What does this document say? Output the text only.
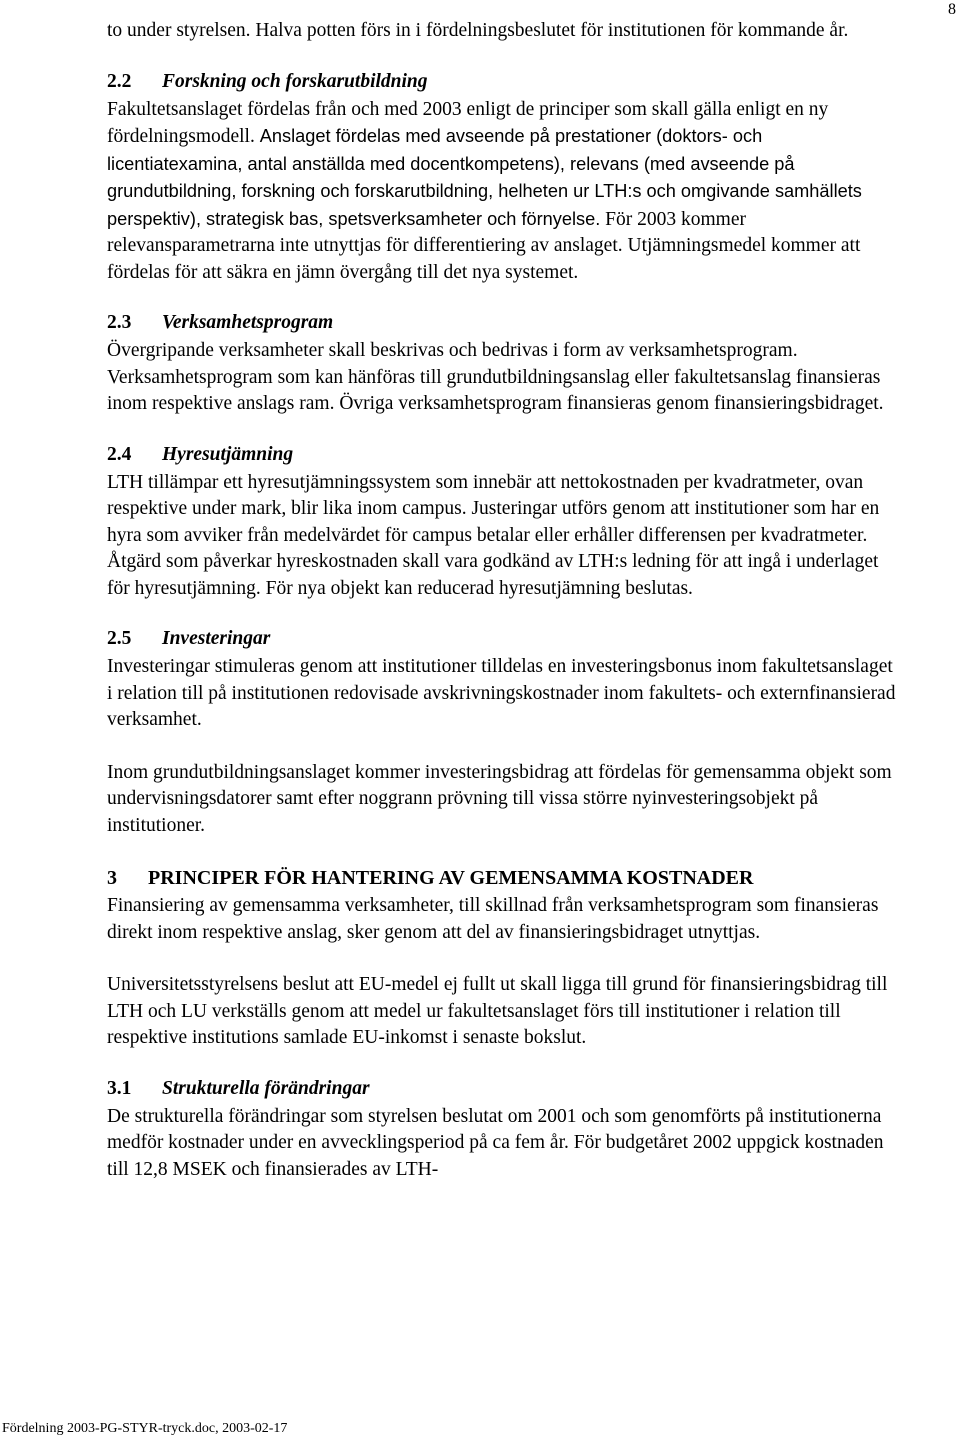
8

to under styrelsen. Halva potten förs in i fördelningsbeslutet för institutionen för kommande år.

2.2	Forskning och forskarutbildning

Fakultetsanslaget fördelas från och med 2003 enligt de principer som skall gälla enligt en ny fördelningsmodell. Anslaget fördelas med avseende på prestationer (doktors- och licentiatexamina, antal anställda med docentkompetens), relevans (med avseende på grundutbildning, forskning och forskarutbildning, helheten ur LTH:s och omgivande samhällets perspektiv), strategisk bas, spetsverksamheter och förnyelse. För 2003 kommer relevansparametrarna inte utnyttjas för differentiering av anslaget. Utjämningsmedel kommer att fördelas för att säkra en jämn övergång till det nya systemet.

2.3	Verksamhetsprogram

Övergripande verksamheter skall beskrivas och bedrivas i form av verksamhetsprogram. Verksamhetsprogram som kan hänföras till grundutbildningsanslag eller fakultetsanslag finansieras inom respektive anslags ram. Övriga verksamhetsprogram finansieras genom finansieringsbidraget.

2.4	Hyresutjämning

LTH tillämpar ett hyresutjämningssystem som innebär att nettokostnaden per kvadratmeter, ovan respektive under mark, blir lika inom campus. Justeringar utförs genom att institutioner som har en hyra som avviker från medelvärdet för campus betalar eller erhåller differensen per kvadratmeter. Åtgärd som påverkar hyreskostnaden skall vara godkänd av LTH:s ledning för att ingå i underlaget för hyresutjämning. För nya objekt kan reducerad hyresutjämning beslutas.

2.5	Investeringar

Investeringar stimuleras genom att institutioner tilldelas en investeringsbonus inom fakultetsanslaget i relation till på institutionen redovisade avskrivningskostnader inom fakultets- och externfinansierad verksamhet.

Inom grundutbildningsanslaget kommer investeringsbidrag att fördelas för gemensamma objekt som undervisningsdatorer samt efter noggrann prövning till vissa större nyinvesteringsobjekt på institutioner.

3	PRINCIPER FÖR HANTERING AV GEMENSAMMA KOSTNADER

Finansiering av gemensamma verksamheter, till skillnad från verksamhetsprogram som finansieras direkt inom respektive anslag, sker genom att del av finansieringsbidraget utnyttjas.

Universitetsstyrelsens beslut att EU-medel ej fullt ut skall ligga till grund för finansieringsbidrag till LTH och LU verkställs genom att medel ur fakultetsanslaget förs till institutioner i relation till respektive institutions samlade EU-inkomst i senaste bokslut.

3.1	Strukturella förändringar

De strukturella förändringar som styrelsen beslutat om 2001 och som genomförts på institutionerna medför kostnader under en avvecklingsperiod på ca fem år. För budgetåret 2002 uppgick kostnaden till 12,8 MSEK och finansierades av LTH-

Fördelning 2003-PG-STYR-tryck.doc, 2003-02-17
